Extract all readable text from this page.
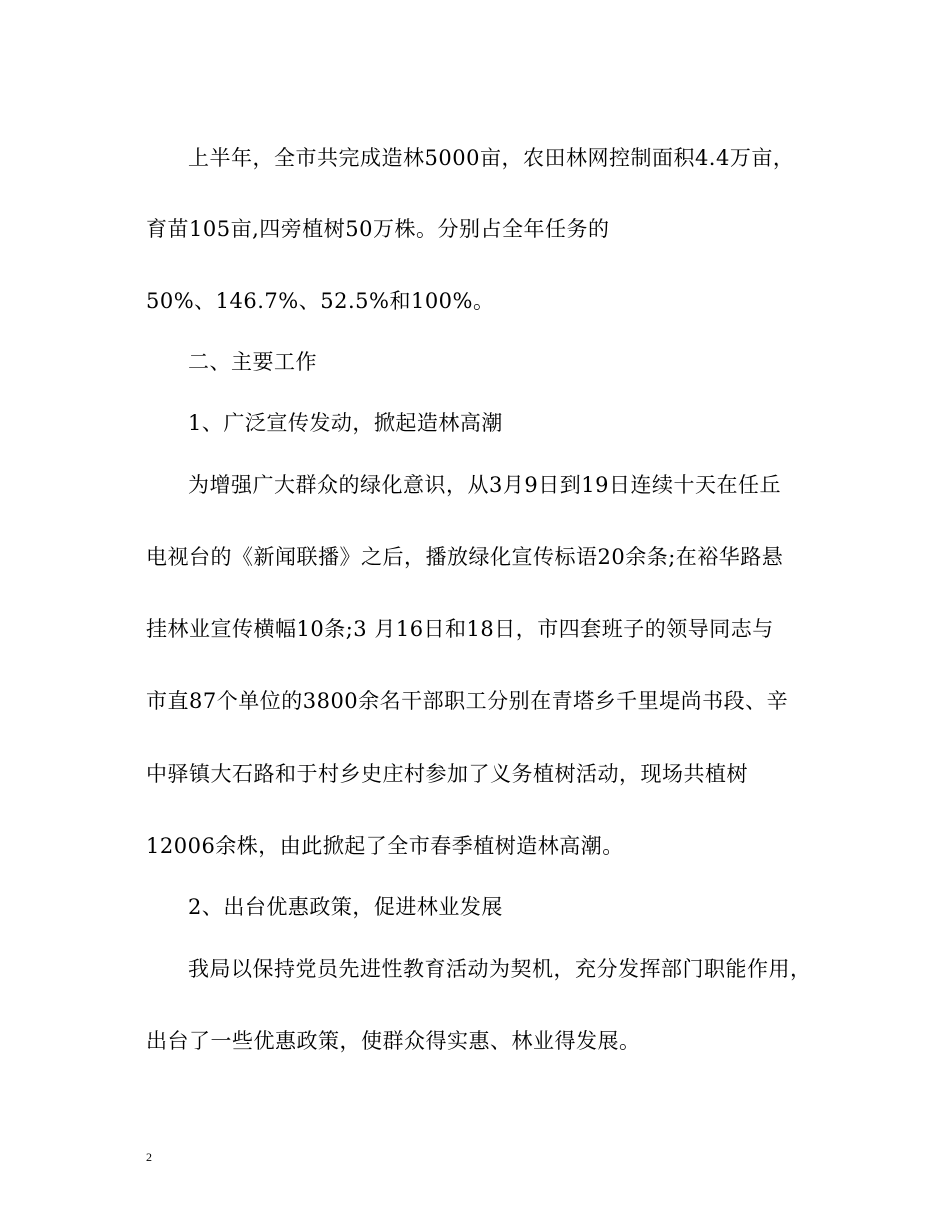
上半年，全市共完成造林5000亩，农田林网控制面积4.4万亩，
育苗105亩,四旁植树50万株。分别占全年任务的
50%、146.7%、52.5%和100%。
二、主要工作
1、广泛宣传发动，掀起造林高潮
为增强广大群众的绿化意识，从3月9日到19日连续十天在任丘
电视台的《新闻联播》之后，播放绿化宣传标语20余条;在裕华路悬
挂林业宣传横幅10条;3 月16日和18日，市四套班子的领导同志与
市直87个单位的3800余名干部职工分别在青塔乡千里堤尚书段、辛
中驿镇大石路和于村乡史庄村参加了义务植树活动，现场共植树
12006余株，由此掀起了全市春季植树造林高潮。
2、出台优惠政策，促进林业发展
我局以保持党员先进性教育活动为契机，充分发挥部门职能作用，
出台了一些优惠政策，使群众得实惠、林业得发展。
2
